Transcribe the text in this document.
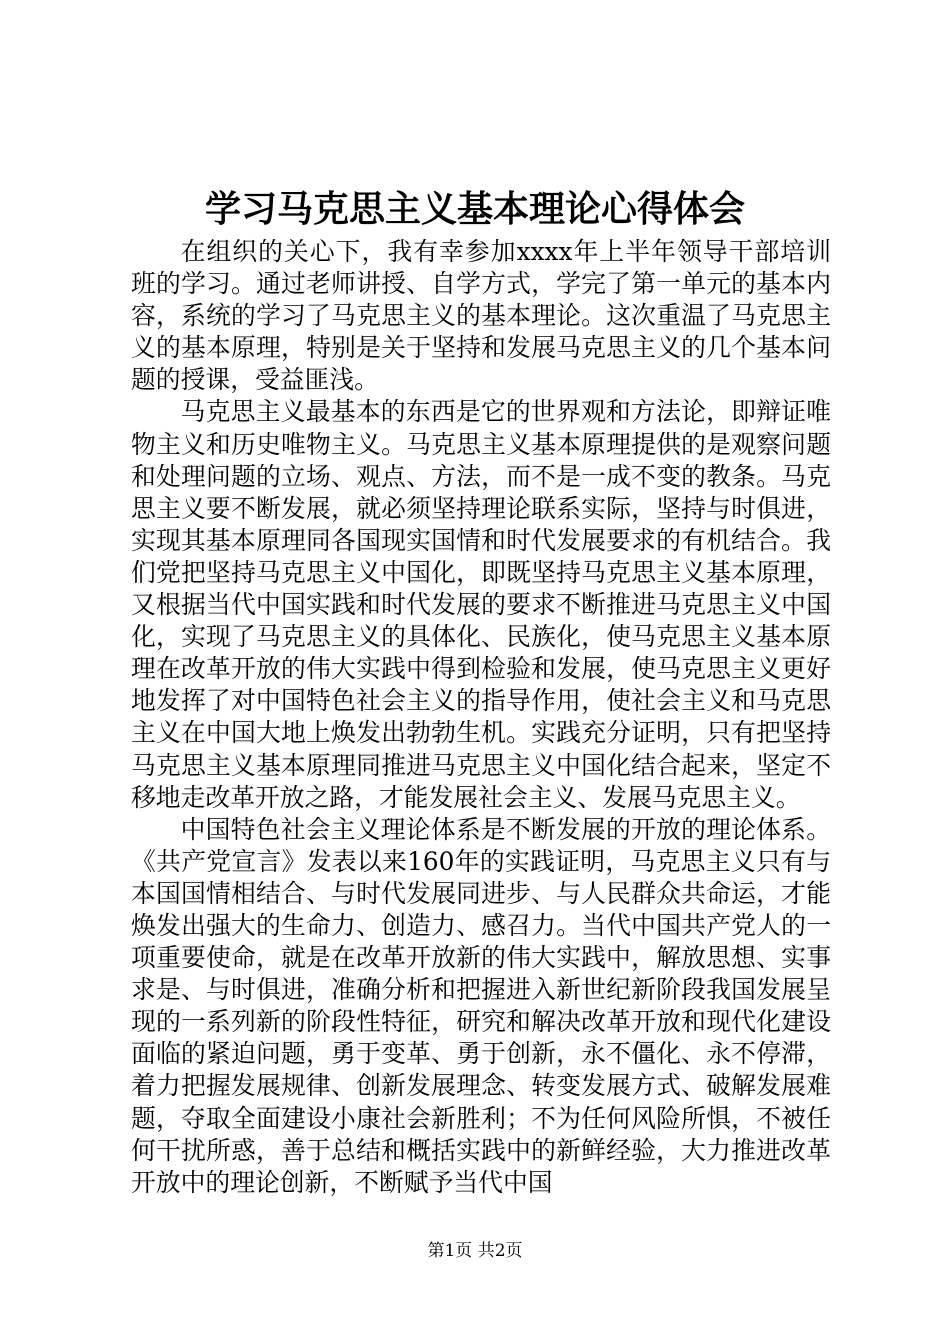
学习马克思主义基本理论心得体会

在组织的关心下，我有幸参加xxxx年上半年领导干部培训班的学习。通过老师讲授、自学方式，学完了第一单元的基本内容，系统的学习了马克思主义的基本理论。这次重温了马克思主义的基本原理，特别是关于坚持和发展马克思主义的几个基本问题的授课，受益匪浅。

马克思主义最基本的东西是它的世界观和方法论，即辩证唯物主义和历史唯物主义。马克思主义基本原理提供的是观察问题和处理问题的立场、观点、方法，而不是一成不变的教条。马克思主义要不断发展，就必须坚持理论联系实际，坚持与时俱进，实现其基本原理同各国现实国情和时代发展要求的有机结合。我们党把坚持马克思主义中国化，即既坚持马克思主义基本原理，又根据当代中国实践和时代发展的要求不断推进马克思主义中国化，实现了马克思主义的具体化、民族化，使马克思主义基本原理在改革开放的伟大实践中得到检验和发展，使马克思主义更好地发挥了对中国特色社会主义的指导作用，使社会主义和马克思主义在中国大地上焕发出勃勃生机。实践充分证明，只有把坚持马克思主义基本原理同推进马克思主义中国化结合起来，坚定不移地走改革开放之路，才能发展社会主义、发展马克思主义。

中国特色社会主义理论体系是不断发展的开放的理论体系。《共产党宣言》发表以来160年的实践证明，马克思主义只有与本国国情相结合、与时代发展同进步、与人民群众共命运，才能焕发出强大的生命力、创造力、感召力。当代中国共产党人的一项重要使命，就是在改革开放新的伟大实践中，解放思想、实事求是、与时俱进，准确分析和把握进入新世纪新阶段我国发展呈现的一系列新的阶段性特征，研究和解决改革开放和现代化建设面临的紧迫问题，勇于变革、勇于创新，永不僵化、永不停滞，着力把握发展规律、创新发展理念、转变发展方式、破解发展难题，夺取全面建设小康社会新胜利；不为任何风险所惧，不被任何干扰所惑，善于总结和概括实践中的新鲜经验，大力推进改革开放中的理论创新，不断赋予当代中国

第1页 共2页
